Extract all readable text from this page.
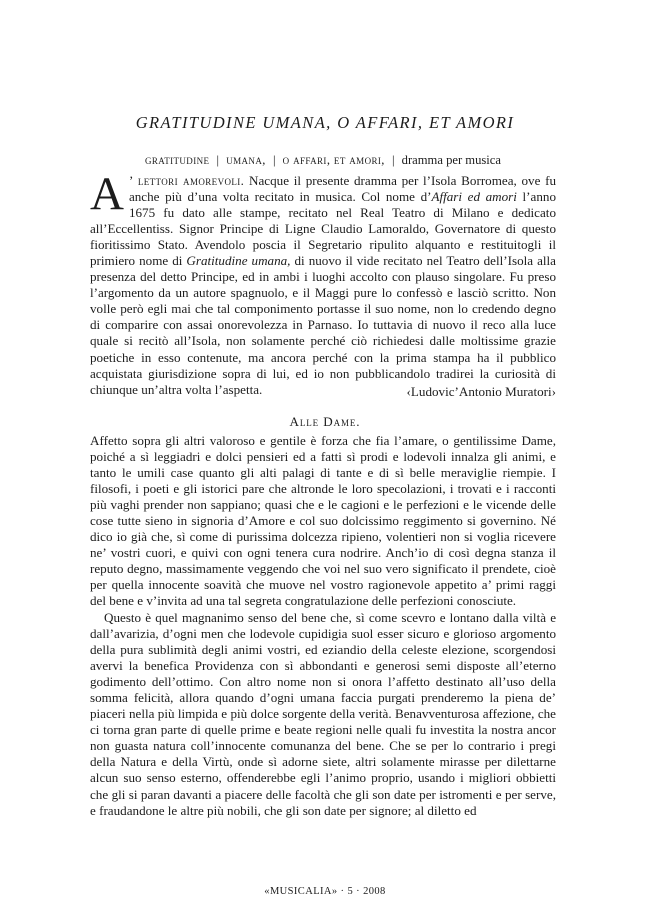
GRATITUDINE UMANA, O AFFARI, ET AMORI
gratitudine | umana, | o affari, et amori, | dramma per musica
A ’ lettori amorevoli. Nacque il presente dramma per l’Isola Borromea, ove fu anche più d’una volta recitato in musica. Col nome d’Affari ed amori l’anno 1675 fu dato alle stampe, recitato nel Real Teatro di Milano e dedicato all’Eccellentiss. Signor Principe di Ligne Claudio Lamoraldo, Governatore di questo fioritissimo Stato. Avendolo poscia il Segretario ripulito alquanto e restituitogli il primiero nome di Gratitudine umana, di nuovo il vide recitato nel Teatro dell’Isola alla presenza del detto Principe, ed in ambi i luoghi accolto con plauso singolare. Fu preso l’argomento da un autore spagnuolo, e il Maggi pure lo confessò e lasciò scritto. Non volle però egli mai che tal componimento portasse il suo nome, non lo credendo degno di comparire con assai onorevolezza in Parnaso. Io tuttavia di nuovo il reco alla luce quale si recitò all’Isola, non solamente perché ciò richiedesi dalle moltissime grazie poetiche in esso contenute, ma ancora perché con la prima stampa ha il pubblico acquistata giurisdizione sopra di lui, ed io non pubblicandolo tradirei la curiosità di chiunque un’altra volta l’aspetta.	‹Ludovic’Antonio Muratori›
Alle Dame.

Affetto sopra gli altri valoroso e gentile è forza che fia l’amare, o gentilissime Dame, poiché a sì leggiadri e dolci pensieri ed a fatti sì prodi e lodevoli innalza gli animi, e tanto le umili case quanto gli alti palagi di tante e di sì belle meraviglie riempie. I filosofi, i poeti e gli istorici pare che altronde le loro specolazioni, i trovati e i racconti più vaghi prender non sappiano; quasi che e le cagioni e le perfezioni e le vicende delle cose tutte sieno in signoria d’Amore e col suo dolcissimo reggimento si governino. Né dico io già che, sì come di purissima dolcezza ripieno, volentieri non si voglia ricevere ne’ vostri cuori, e quivi con ogni tenera cura nodrire. Anch’io di così degna stanza il reputo degno, massimamente veggendo che voi nel suo vero significato il prendete, cioè per quella innocente soavità che muove nel vostro ragionevole appetito a’ primi raggi del bene e v’invita ad una tal segreta congratulazione delle perfezioni conosciute.

Questo è quel magnanimo senso del bene che, sì come scevro e lontano dalla viltà e dall’avarizia, d’ogni men che lodevole cupidigia suol esser sicuro e glorioso argomento della pura sublimità degli animi vostri, ed eziandio della celeste elezione, scorgendosi avervi la benefica Providenza con sì abbondanti e generosi semi disposte all’eterno godimento dell’ottimo. Con altro nome non si onora l’affetto destinato all’uso della somma felicità, allora quando d’ogni umana faccia purgati prenderemo la piena de’ piaceri nella più limpida e più dolce sorgente della verità. Benavventurosa affezione, che ci torna gran parte di quelle prime e beate regioni nelle quali fu investita la nostra ancor non guasta natura coll’innocente comunanza del bene. Che se per lo contrario i pregi della Natura e della Virtù, onde sì adorne siete, altri solamente mirasse per dilettarne alcun suo senso esterno, offenderebbe egli l’animo proprio, usando i migliori obbietti che gli si paran davanti a piacere delle facoltà che gli son date per istromenti e per serve, e fraudandone le altre più nobili, che gli son date per signore; al diletto ed

«MUSICALIA» · 5 · 2008
